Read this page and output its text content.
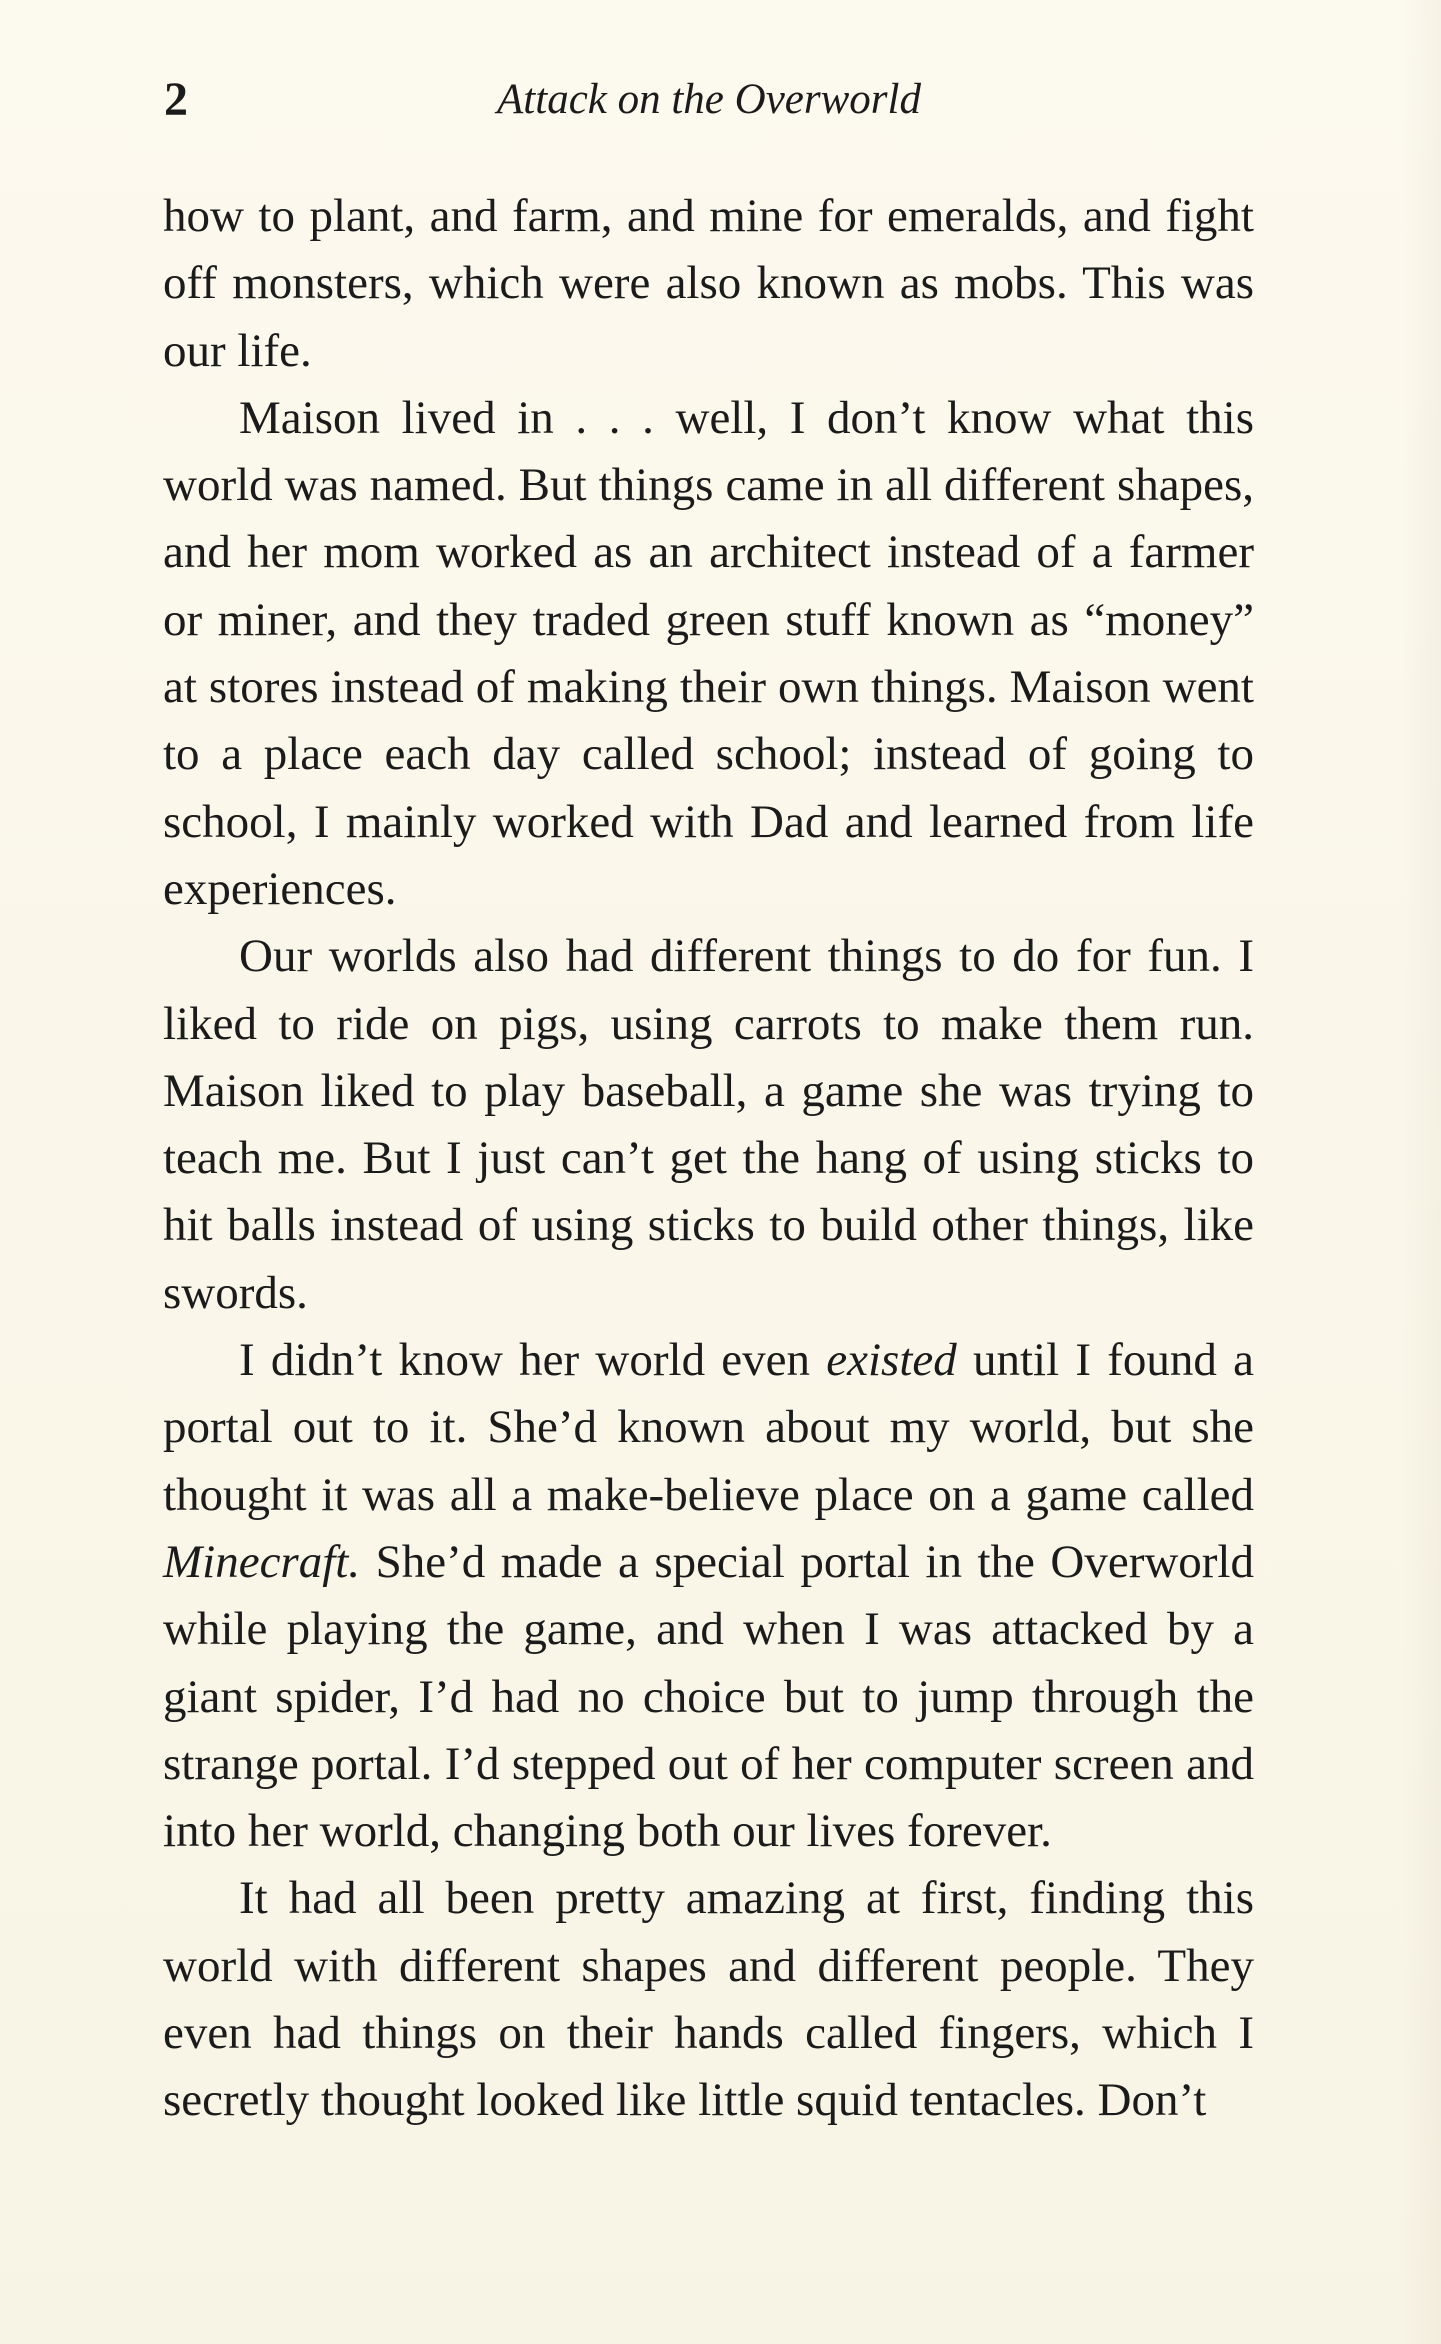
2	Attack on the Overworld

how to plant, and farm, and mine for emeralds, and fight off monsters, which were also known as mobs. This was our life.

Maison lived in . . . well, I don’t know what this world was named. But things came in all different shapes, and her mom worked as an architect instead of a farmer or miner, and they traded green stuff known as “money” at stores instead of making their own things. Maison went to a place each day called school; instead of going to school, I mainly worked with Dad and learned from life experiences.

Our worlds also had different things to do for fun. I liked to ride on pigs, using carrots to make them run. Maison liked to play baseball, a game she was trying to teach me. But I just can’t get the hang of using sticks to hit balls instead of using sticks to build other things, like swords.

I didn’t know her world even existed until I found a portal out to it. She’d known about my world, but she thought it was all a make-believe place on a game called Minecraft. She’d made a special portal in the Overworld while playing the game, and when I was attacked by a giant spider, I’d had no choice but to jump through the strange portal. I’d stepped out of her computer screen and into her world, changing both our lives forever.

It had all been pretty amazing at first, finding this world with different shapes and different people. They even had things on their hands called fingers, which I secretly thought looked like little squid tentacles. Don’t
